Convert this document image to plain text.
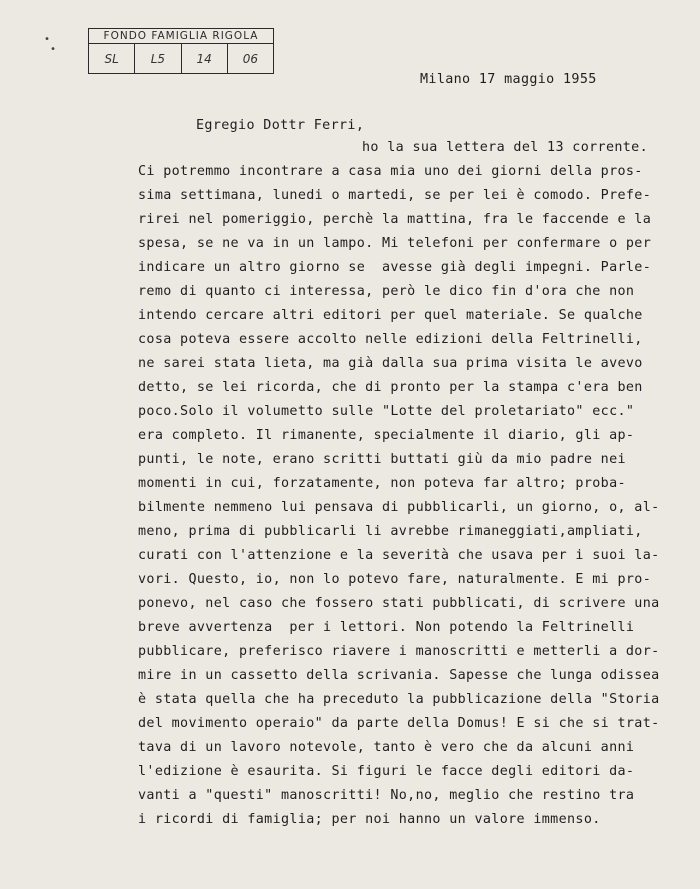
•
•
FONDO FAMIGLIA RIGOLA
SL	L5	14	06
Milano 17 maggio 1955
Egregio Dottr Ferri,
ho la sua lettera del 13 corrente.
Ci potremmo incontrare a casa mia uno dei giorni della pros-
sima settimana, lunedi o martedi, se per lei è comodo. Prefe-
rirei nel pomeriggio, perchè la mattina, fra le faccende e la
spesa, se ne va in un lampo. Mi telefoni per confermare o per
indicare un altro giorno se  avesse già degli impegni. Parle-
remo di quanto ci interessa, però le dico fin d'ora che non
intendo cercare altri editori per quel materiale. Se qualche
cosa poteva essere accolto nelle edizioni della Feltrinelli,
ne sarei stata lieta, ma già dalla sua prima visita le avevo
detto, se lei ricorda, che di pronto per la stampa c'era ben
poco.Solo il volumetto sulle "Lotte del proletariato" ecc."
era completo. Il rimanente, specialmente il diario, gli ap-
punti, le note, erano scritti buttati giù da mio padre nei
momenti in cui, forzatamente, non poteva far altro; proba-
bilmente nemmeno lui pensava di pubblicarli, un giorno, o, al-
meno, prima di pubblicarli li avrebbe rimaneggiati,ampliati,
curati con l'attenzione e la severità che usava per i suoi la-
vori. Questo, io, non lo potevo fare, naturalmente. E mi pro-
ponevo, nel caso che fossero stati pubblicati, di scrivere una
breve avvertenza  per i lettori. Non potendo la Feltrinelli
pubblicare, preferisco riavere i manoscritti e metterli a dor-
mire in un cassetto della scrivania. Sapesse che lunga odissea
è stata quella che ha preceduto la pubblicazione della "Storia
del movimento operaio" da parte della Domus! E si che si trat-
tava di un lavoro notevole, tanto è vero che da alcuni anni
l'edizione è esaurita. Si figuri le facce degli editori da-
vanti a "questi" manoscritti! No,no, meglio che restino tra
i ricordi di famiglia; per noi hanno un valore immenso.
